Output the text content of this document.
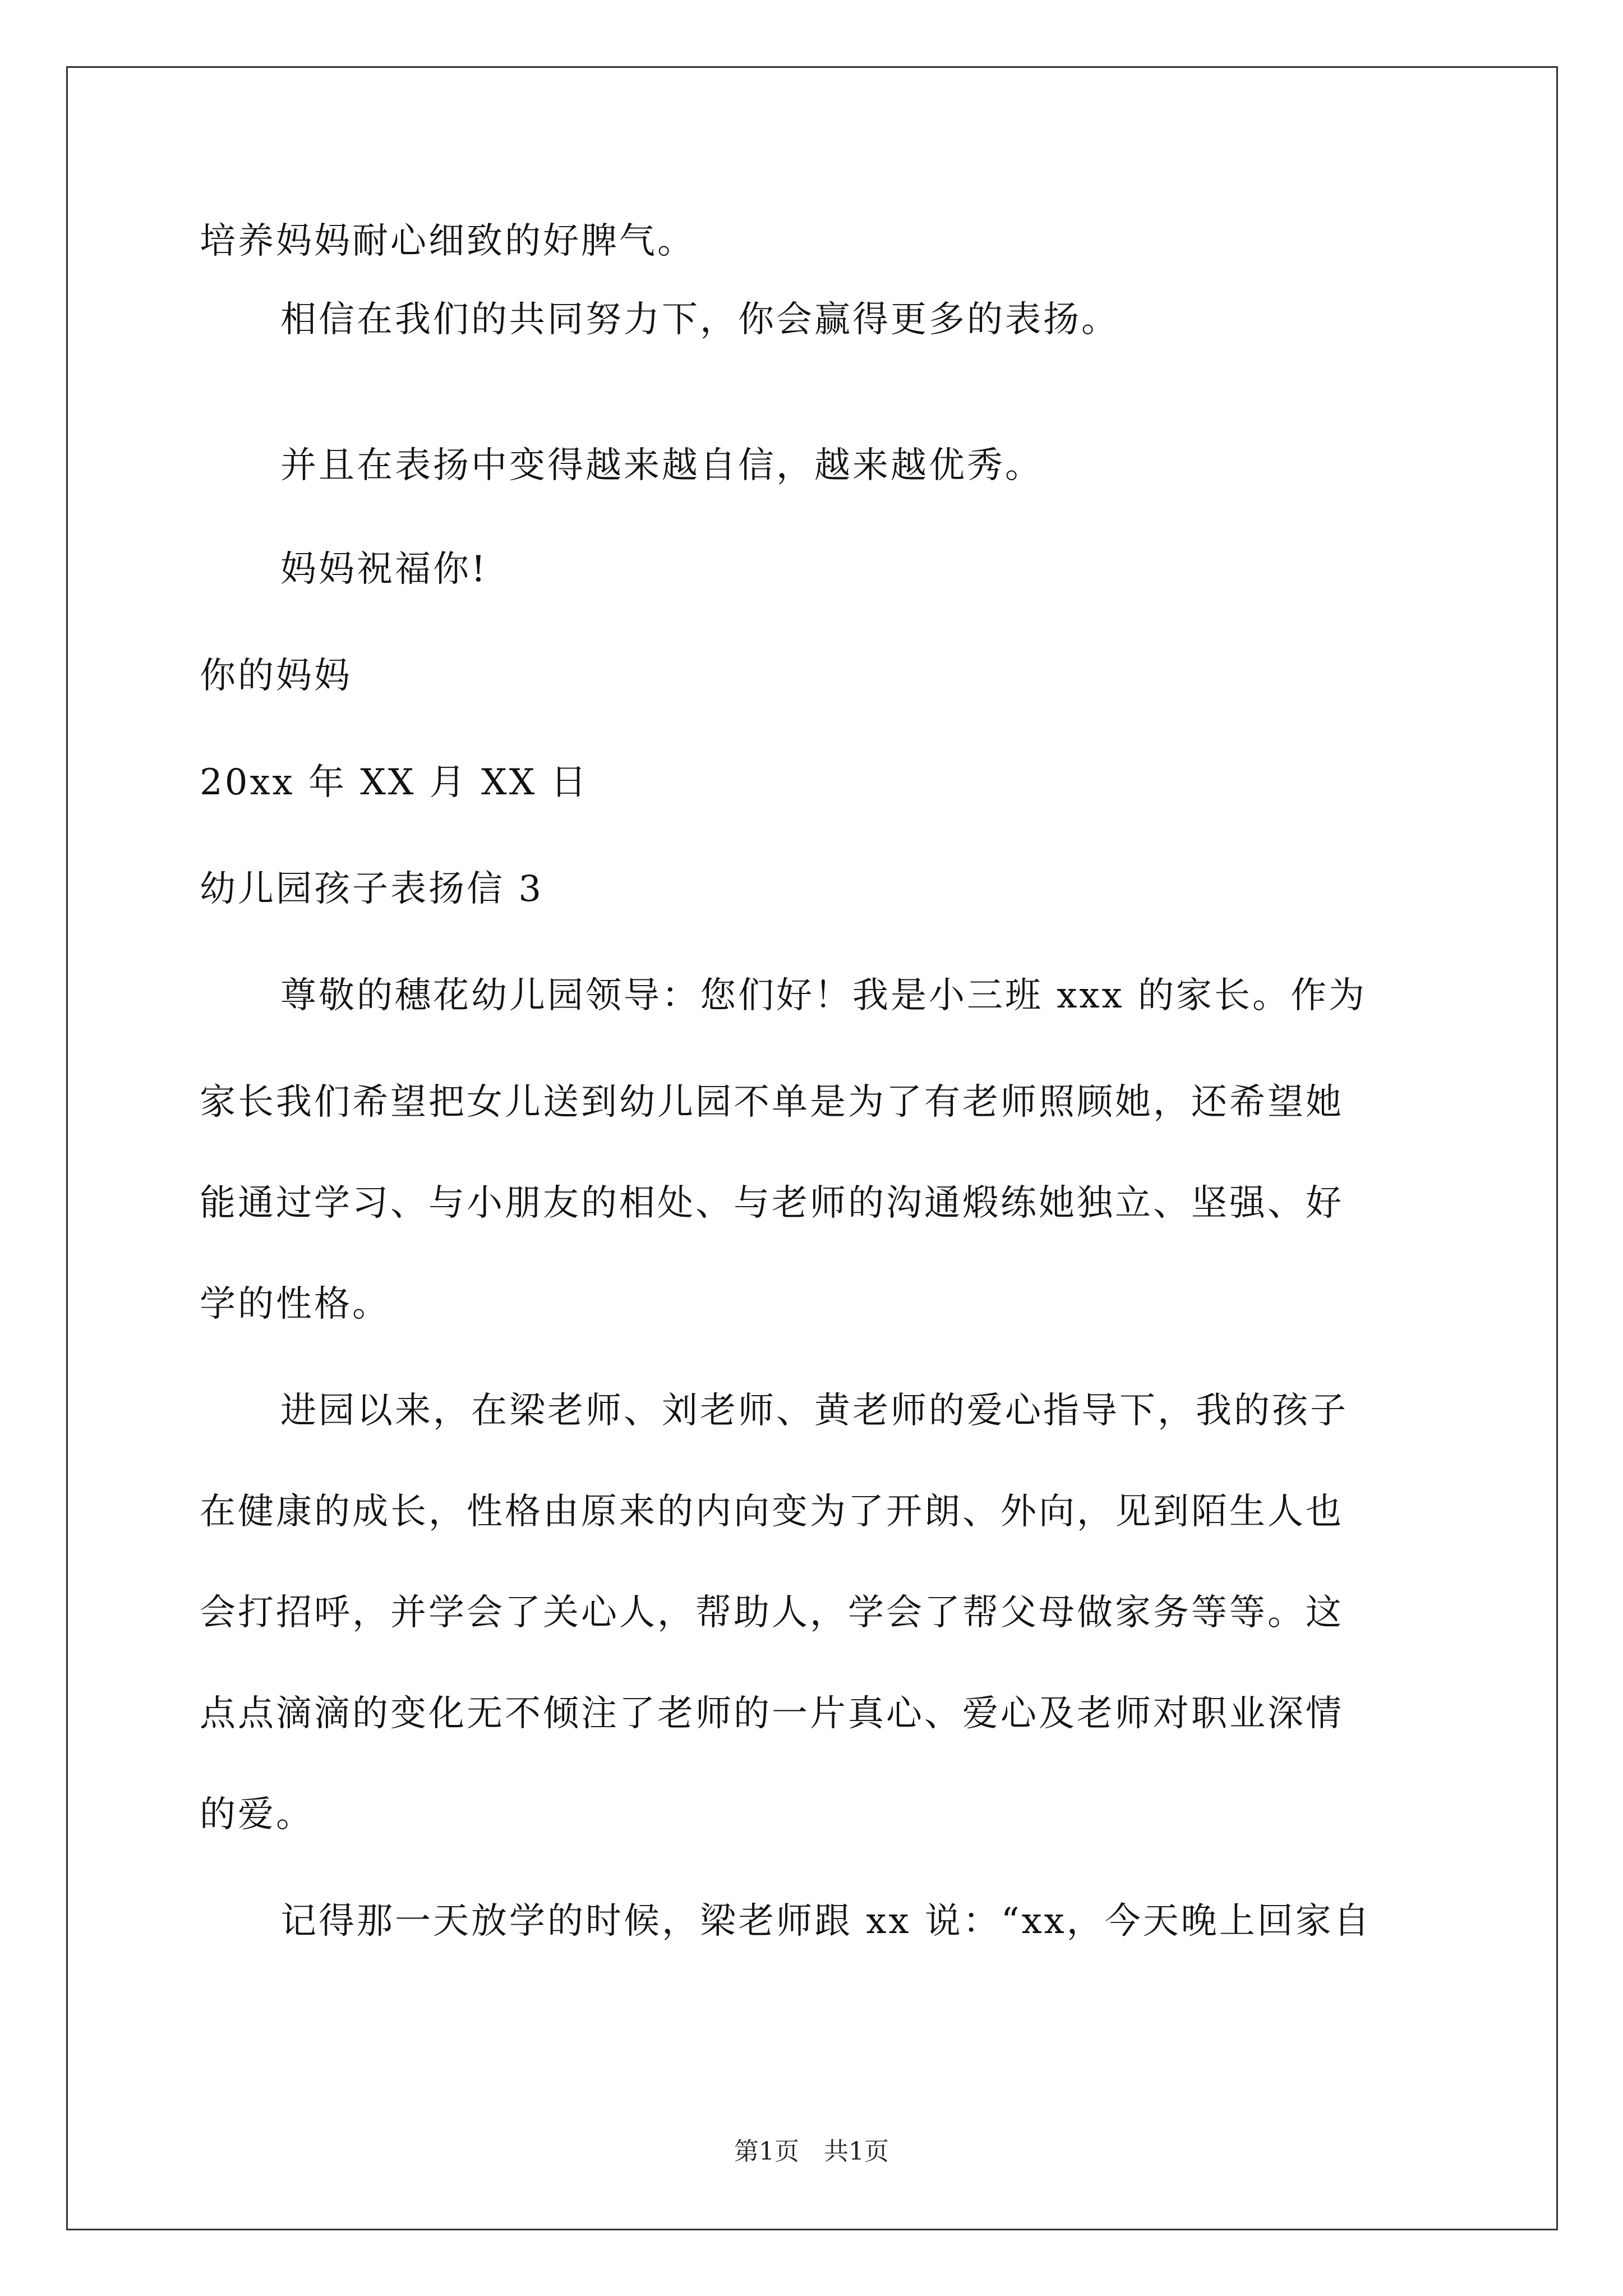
培养妈妈耐心细致的好脾气。
相信在我们的共同努力下，你会赢得更多的表扬。
并且在表扬中变得越来越自信，越来越优秀。
妈妈祝福你!
你的妈妈
20xx 年 XX 月 XX 日
幼儿园孩子表扬信 3
尊敬的穗花幼儿园领导：您们好！我是小三班 xxx 的家长。作为
家长我们希望把女儿送到幼儿园不单是为了有老师照顾她，还希望她
能通过学习、与小朋友的相处、与老师的沟通煅练她独立、坚强、好
学的性格。
进园以来，在梁老师、刘老师、黄老师的爱心指导下，我的孩子
在健康的成长，性格由原来的内向变为了开朗、外向，见到陌生人也
会打招呼，并学会了关心人，帮助人，学会了帮父母做家务等等。这
点点滴滴的变化无不倾注了老师的一片真心、爱心及老师对职业深情
的爱。
记得那一天放学的时候，梁老师跟 xx 说：“xx，今天晚上回家自
第1页　共1页
